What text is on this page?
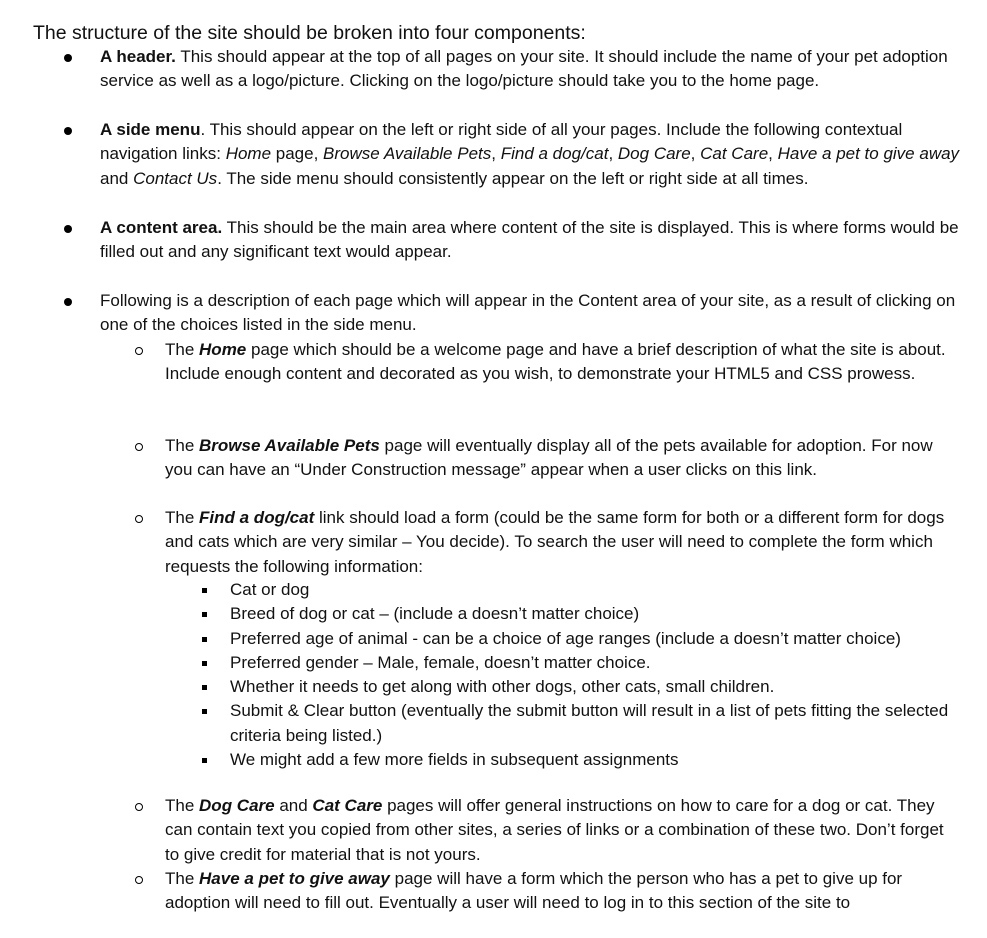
The structure of the site should be broken into four components:
A header. This should appear at the top of all pages on your site. It should include the name of your pet adoption service as well as a logo/picture. Clicking on the logo/picture should take you to the home page.
A side menu. This should appear on the left or right side of all your pages. Include the following contextual navigation links: Home page, Browse Available Pets, Find a dog/cat, Dog Care, Cat Care, Have a pet to give away and Contact Us. The side menu should consistently appear on the left or right side at all times.
A content area. This should be the main area where content of the site is displayed. This is where forms would be filled out and any significant text would appear.
Following is a description of each page which will appear in the Content area of your site, as a result of clicking on one of the choices listed in the side menu.
The Home page which should be a welcome page and have a brief description of what the site is about. Include enough content and decorated as you wish, to demonstrate your HTML5 and CSS prowess.
The Browse Available Pets page will eventually display all of the pets available for adoption. For now you can have an “Under Construction message” appear when a user clicks on this link.
The Find a dog/cat link should load a form (could be the same form for both or a different form for dogs and cats which are very similar – You decide). To search the user will need to complete the form which requests the following information:
Cat or dog
Breed of dog or cat – (include a doesn’t matter choice)
Preferred age of animal - can be a choice of age ranges (include a doesn’t matter choice)
Preferred gender – Male, female, doesn’t matter choice.
Whether it needs to get along with other dogs, other cats, small children.
Submit & Clear button (eventually the submit button will result in a list of pets fitting the selected criteria being listed.)
We might add a few more fields in subsequent assignments
The Dog Care and Cat Care pages will offer general instructions on how to care for a dog or cat. They can contain text you copied from other sites, a series of links or a combination of these two. Don’t forget to give credit for material that is not yours.
The Have a pet to give away page will have a form which the person who has a pet to give up for adoption will need to fill out. Eventually a user will need to log in to this section of the site to
